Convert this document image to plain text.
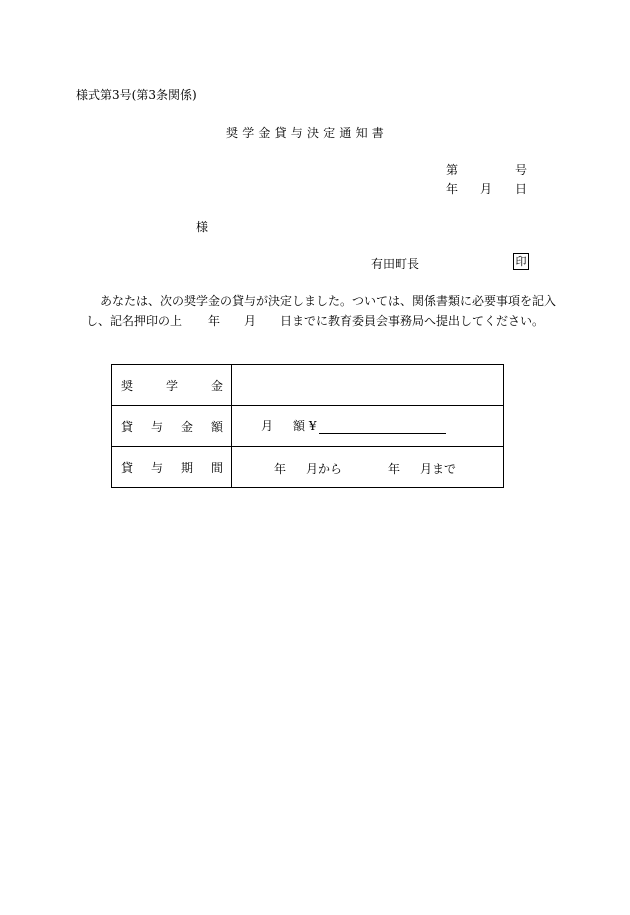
様式第3号(第3条関係)
奨学金貸与決定通知書
第	号
年 月 日
様
有田町長	印
あなたは、次の奨学金の貸与が決定しました。ついては、関係書類に必要事項を記入
し、記名押印の上 年 月 日までに教育委員会事務局へ提出してください。
奨 学 金	

貸 与 金 額	月 額 ¥

貸 与 期 間	年 月から 年 月まで
